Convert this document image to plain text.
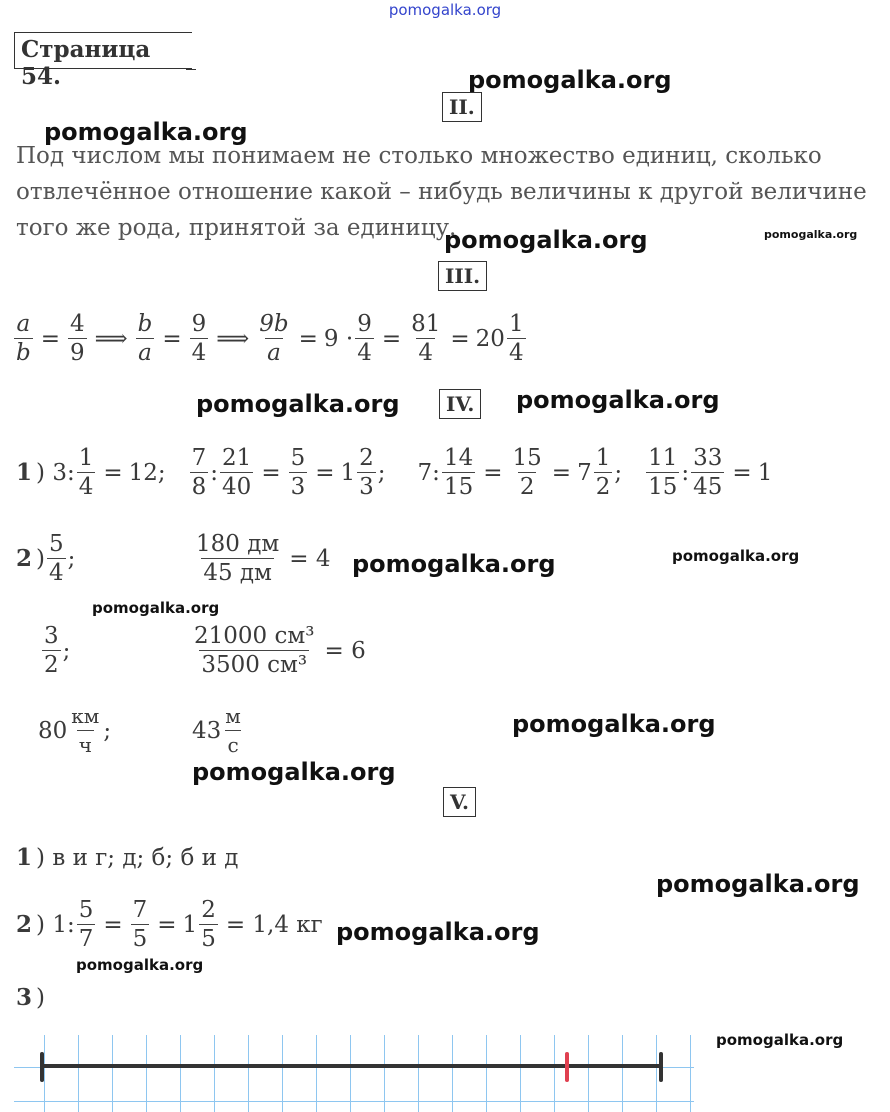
pomogalka.org
Страница 54.	pomogalka.org
pomogalka.org
pomogalka.org	pomogalka.org
pomogalka.org	pomogalka.org
pomogalka.org	pomogalka.org
pomogalka.org
pomogalka.org
pomogalka.org
pomogalka.org
pomogalka.org
pomogalka.org
pomogalka.org
II.
Под числом мы понимаем не столько множество единиц, сколько
отвлечённое отношение какой – нибудь величины к другой величине
того же рода, принятой за единицу.
III.
$\frac{a}{b} = \frac{4}{9}$ ⟹ $\frac{b}{a} = \frac{9}{4}$ ⟹ $\frac{9b}{a} = 9 \cdot \frac{9}{4} = \frac{81}{4} = 20 \frac{1}{4}$
IV.
1 ) 3: $\frac{1}{4} = 12$; $\frac{7}{8}$ : $\frac{21}{40} = \frac{5}{3} = 1 \frac{2}{3}$ ; 7: $\frac{14}{15} = \frac{15}{2} = 7 \frac{1}{2}$ ; $\frac{11}{15}$ : $\frac{33}{45} = 1$
2 ) $\frac{5}{4}$ ;	$\frac{180 дм}{45 дм} = 4$
$\frac{3}{2}$ ;	$\frac{\text{21000 см³}}{\text{3500 см³}} = 6$
$80 \frac{км}{ч}$ ;	$43 \frac{м}{с}$
V.
1 ) в и г; д; б; б и д
2 ) 1: $\frac{5}{7} = \frac{7}{5} = 1 \frac{2}{5} = 1,4$ кг
3 )
